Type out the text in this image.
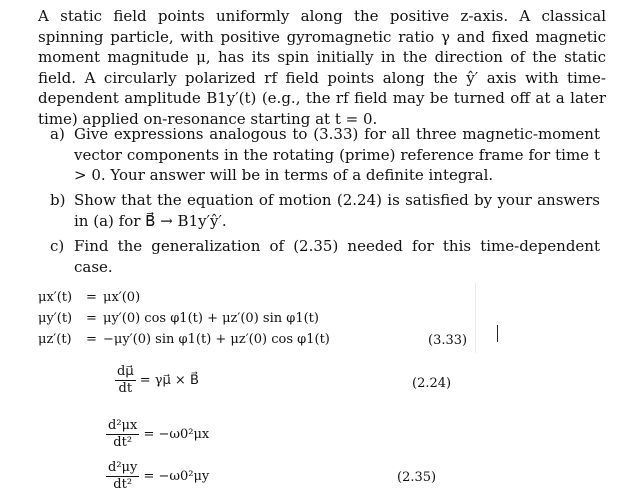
A static field points uniformly along the positive z-axis. A classical spinning particle, with positive gyromagnetic ratio γ and fixed magnetic moment magnitude μ, has its spin initially in the direction of the static field. A circularly polarized rf field points along the ŷ′ axis with time-dependent amplitude B1y′(t) (e.g., the rf field may be turned off at a later time) applied on-resonance starting at t = 0.

a) Give expressions analogous to (3.33) for all three magnetic-moment vector components in the rotating (prime) reference frame for time t > 0. Your answer will be in terms of a definite integral.

b) Show that the equation of motion (2.24) is satisfied by your answers in (a) for B⃗ → B1y′ŷ′.

c) Find the generalization of (2.35) needed for this time-dependent case.

μx′(t) = μx′(0)
μy′(t) = μy′(0) cos φ1(t) + μz′(0) sin φ1(t)
μz′(t) = −μy′(0) sin φ1(t) + μz′(0) cos φ1(t)	(3.33)
$\frac{d\mu⃗}{dt}$ = γμ⃗ × B⃗	(2.24)
$\frac{\text{d²μx}}{\text{dt²}} = -\omega 0^2\mu x$
$\frac{\text{d²μy}}{\text{dt²}} = -\omega 0^2\mu y$	(2.35)
